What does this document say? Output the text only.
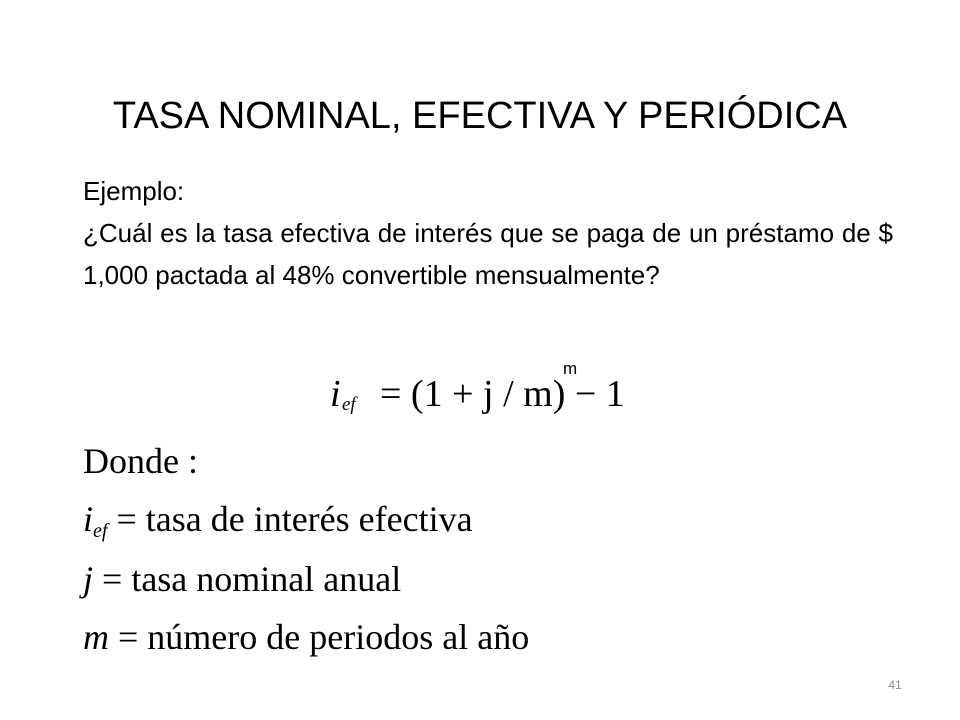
TASA NOMINAL, EFECTIVA Y PERIÓDICA
Ejemplo:
¿Cuál es la tasa efectiva de interés que se paga de un préstamo de $ 1,000 pactada al 48% convertible mensualmente?
m
i ef = (1 + j / m) − 1
Donde :
ief = tasa de interés efectiva
j = tasa nominal anual
m = número de periodos al año
41
